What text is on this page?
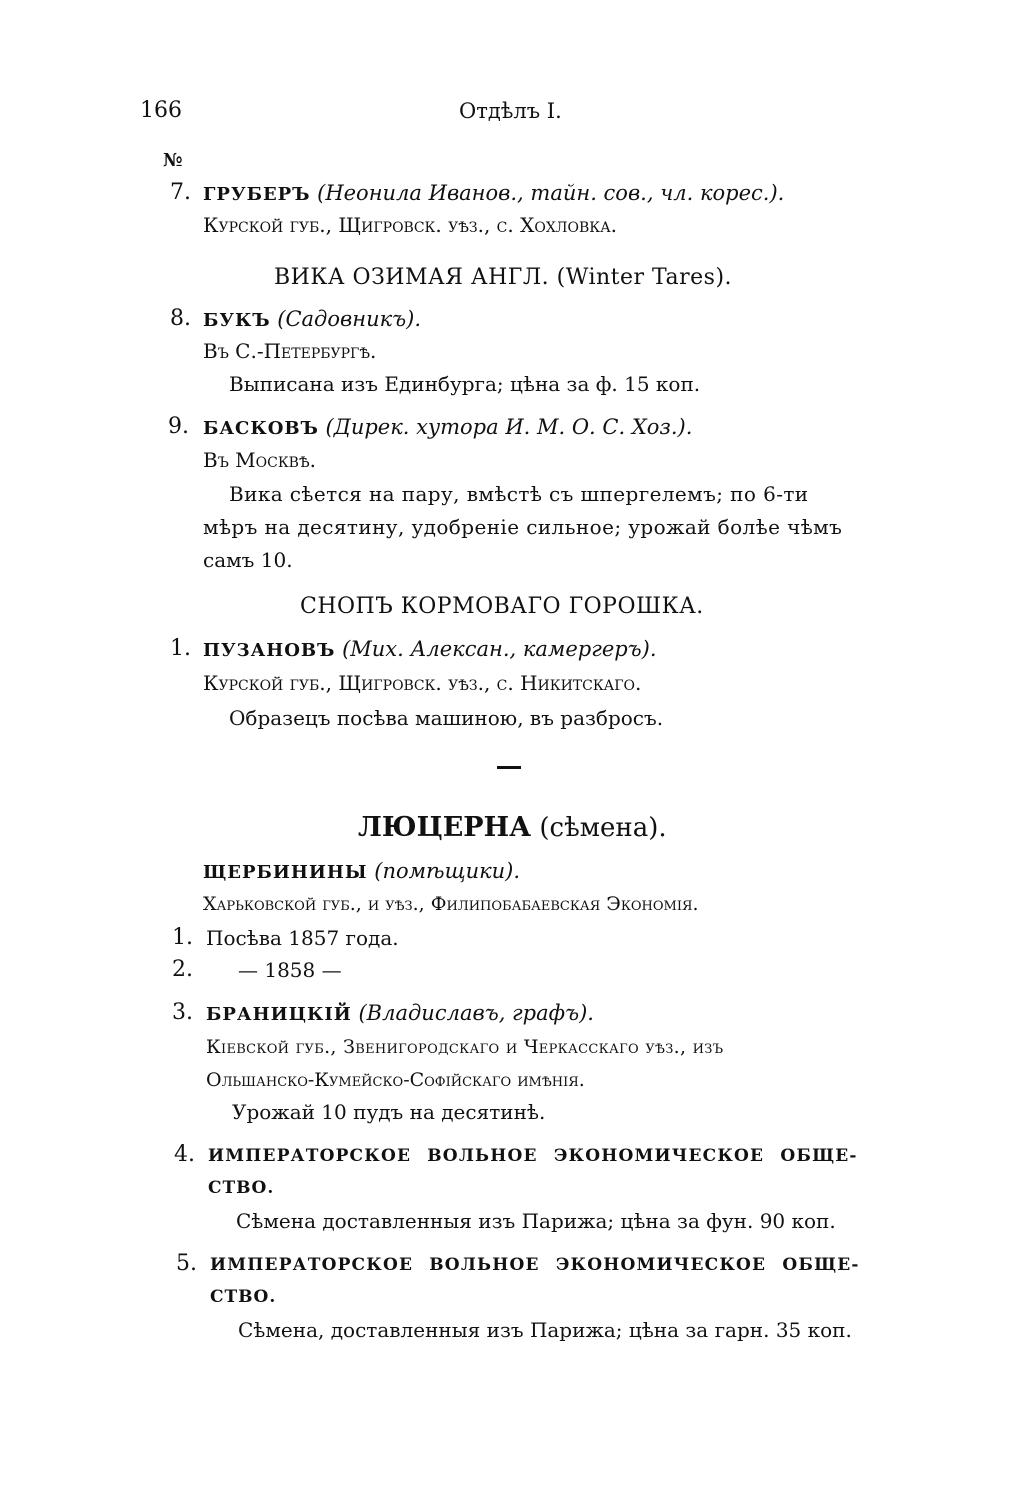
166	Отдѣлъ I.
№
7. ГРУБЕРЪ (Неонила Иванов., тайн. сов., чл. корес.).
Курской губ., Щигровск. уѣз., с. Хохловка.
ВИКА ОЗИМАЯ АНГЛ. (Winter Tares).
8. БУКЪ (Садовникъ).
Въ С.-Петербургѣ.
Выписана изъ Единбурга; цѣна за ф. 15 коп.
9. БАСКОВЪ (Дирек. хутора И. М. О. С. Хоз.).
Въ Москвѣ.
Вика сѣется на пару, вмѣстѣ съ шпергелемъ; по 6-ти
мѣръ на десятину, удобреніе сильное; урожай болѣе чѣмъ
самъ 10.
СНОПЪ КОРМОВАГО ГОРОШКА.
1. ПУЗАНОВЪ (Мих. Алексан., камергеръ).
Курской губ., Щигровск. уѣз., с. Никитскаго.
Образецъ посѣва машиною, въ разбросъ.
ЛЮЦЕРНА (сѣмена).
ЩЕРБИНИНЫ (помѣщики).
Харьковской губ., и уѣз., Филипобабаевская Экономія.
1. Посѣва 1857 года.
2. — 1858 —
3. БРАНИЦКІЙ (Владиславъ, графъ).
Кіевской губ., Звенигородскаго и Черкасскаго уѣз., изъ
Ольшанско-Кумейско-Софійскаго имѣнія.
Урожай 10 пудъ на десятинѣ.
4. ИМПЕРАТОРСКОЕ ВОЛЬНОЕ ЭКОНОМИЧЕСКОЕ ОБЩЕ-
СТВО.
Сѣмена доставленныя изъ Парижа; цѣна за фун. 90 коп.
5. ИМПЕРАТОРСКОЕ ВОЛЬНОЕ ЭКОНОМИЧЕСКОЕ ОБЩЕ-
СТВО.
Сѣмена, доставленныя изъ Парижа; цѣна за гарн. 35 коп.
